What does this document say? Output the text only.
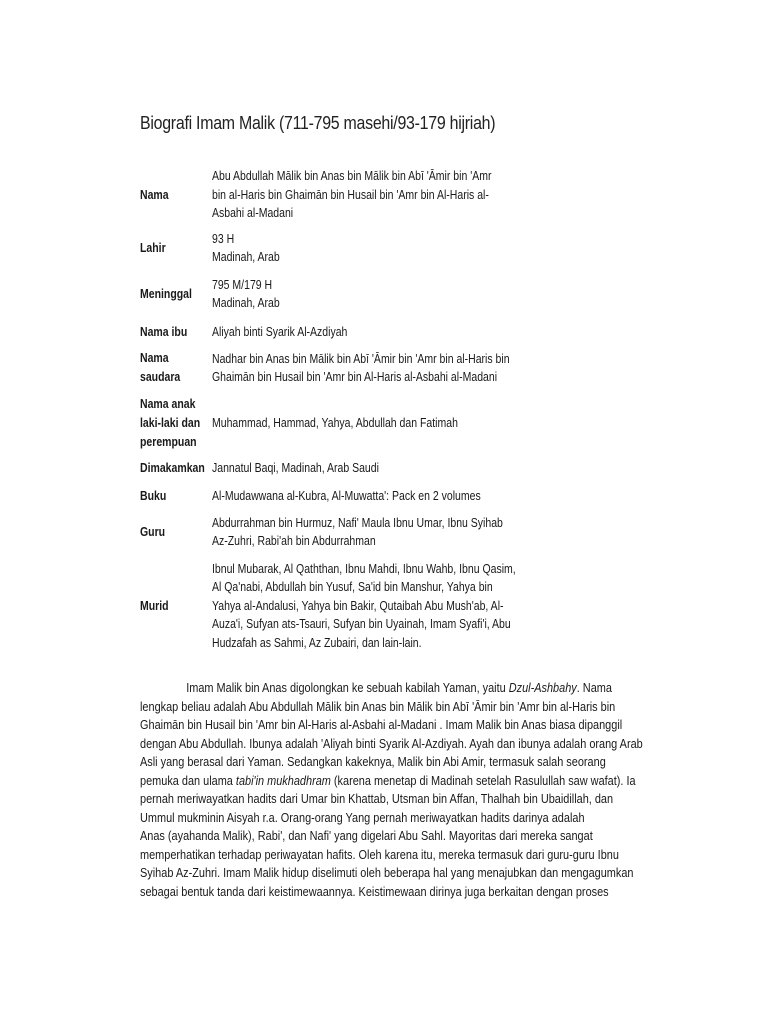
Biografi Imam Malik (711-795 masehi/93-179 hijriah)
Nama
Abu Abdullah Mālik bin Anas bin Mālik bin Abī 'Āmir bin 'Amr
bin al-Haris bin Ghaimān bin Husail bin 'Amr bin Al-Haris al-
Asbahi al-Madani
Lahir
93 H
Madinah, Arab
Meninggal
795 M/179 H
Madinah, Arab
Nama ibu	Aliyah binti Syarik Al-Azdiyah
Nama
saudara
Nadhar bin Anas bin Mālik bin Abī 'Āmir bin 'Amr bin al-Haris bin
Ghaimān bin Husail bin 'Amr bin Al-Haris al-Asbahi al-Madani
Nama anak
laki-laki dan
perempuan
Muhammad, Hammad, Yahya, Abdullah dan Fatimah
Dimakamkan Jannatul Baqi, Madinah, Arab Saudi
Buku	Al-Mudawwana al-Kubra, Al-Muwatta': Pack en 2 volumes
Guru
Abdurrahman bin Hurmuz, Nafi' Maula Ibnu Umar, Ibnu Syihab
Az-Zuhri, Rabi'ah bin Abdurrahman
Murid
Ibnul Mubarak, Al Qaththan, Ibnu Mahdi, Ibnu Wahb, Ibnu Qasim,
Al Qa'nabi, Abdullah bin Yusuf, Sa'id bin Manshur, Yahya bin
Yahya al-Andalusi, Yahya bin Bakir, Qutaibah Abu Mush'ab, Al-
Auza'i, Sufyan ats-Tsauri, Sufyan bin Uyainah, Imam Syafi'i, Abu
Hudzafah as Sahmi, Az Zubairi, dan lain-lain.
Imam Malik bin Anas digolongkan ke sebuah kabilah Yaman, yaitu Dzul-Ashbahy. Nama
lengkap beliau adalah Abu Abdullah Mālik bin Anas bin Mālik bin Abī 'Āmir bin 'Amr bin al-Haris bin
Ghaimān bin Husail bin 'Amr bin Al-Haris al-Asbahi al-Madani . Imam Malik bin Anas biasa dipanggil
dengan Abu Abdullah. Ibunya adalah 'Aliyah binti Syarik Al-Azdiyah. Ayah dan ibunya adalah orang Arab
Asli yang berasal dari Yaman. Sedangkan kakeknya, Malik bin Abi Amir, termasuk salah seorang
pemuka dan ulama tabi'in mukhadhram (karena menetap di Madinah setelah Rasulullah saw wafat). Ia
pernah meriwayatkan hadits dari Umar bin Khattab, Utsman bin Affan, Thalhah bin Ubaidillah, dan
Ummul mukminin Aisyah r.a. Orang-orang Yang pernah meriwayatkan hadits darinya adalah
Anas (ayahanda Malik), Rabi', dan Nafi' yang digelari Abu Sahl. Mayoritas dari mereka sangat
memperhatikan terhadap periwayatan hafits. Oleh karena itu, mereka termasuk dari guru-guru Ibnu
Syihab Az-Zuhri. Imam Malik hidup diselimuti oleh beberapa hal yang menajubkan dan mengagumkan
sebagai bentuk tanda dari keistimewaannya. Keistimewaan dirinya juga berkaitan dengan proses
